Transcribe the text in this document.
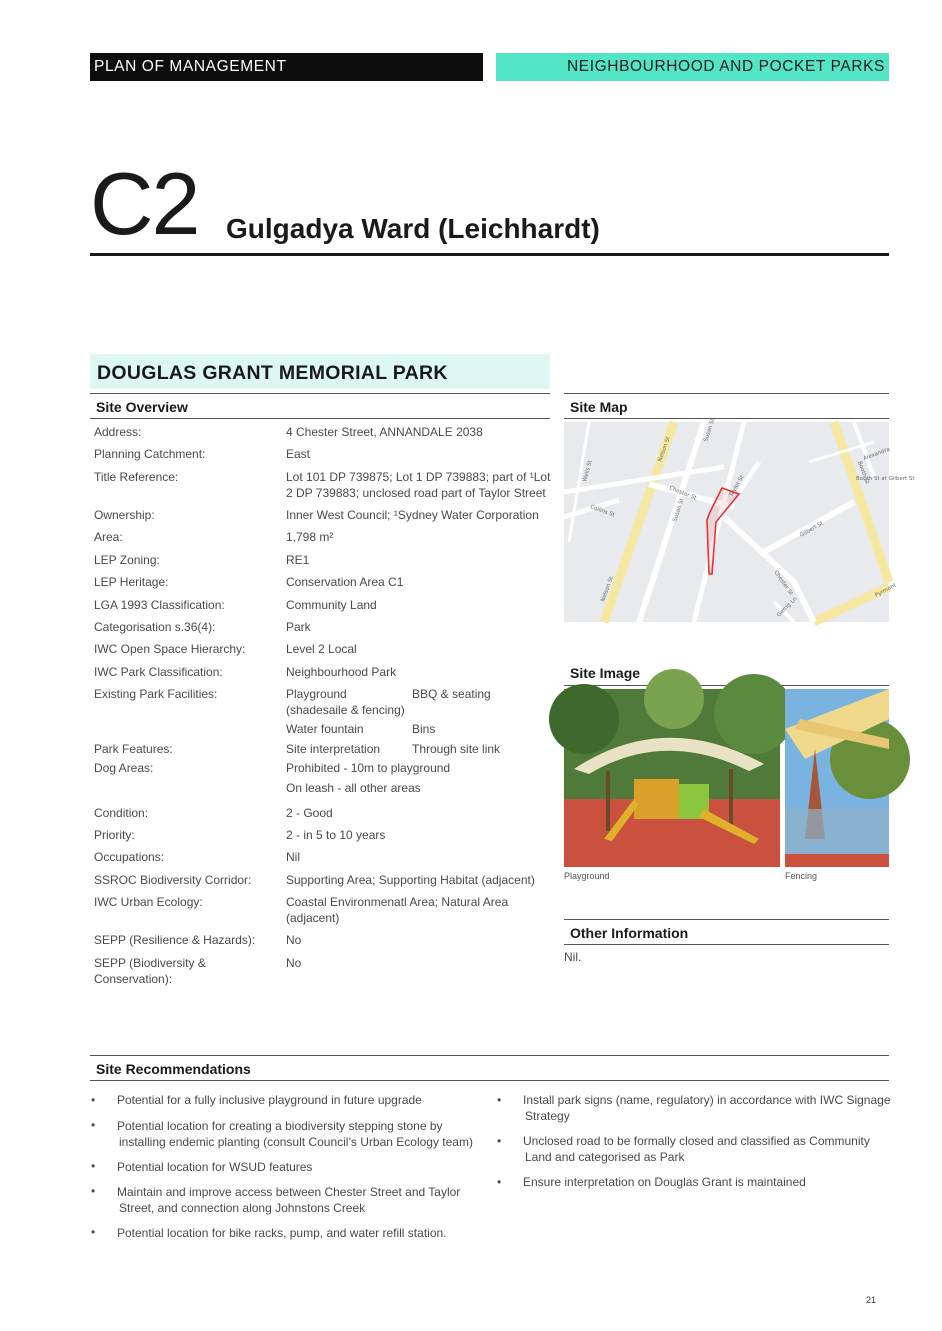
PLAN OF MANAGEMENT	NEIGHBOURHOOD AND POCKET PARKS
C2 Gulgadya Ward (Leichhardt)
DOUGLAS GRANT MEMORIAL PARK
Site Overview
Address:	4 Chester Street, ANNANDALE 2038
Planning Catchment:	East
Title Reference:	Lot 101 DP 739875; Lot 1 DP 739883; part of ¹Lot
2 DP 739883; unclosed road part of Taylor Street
Ownership:	Inner West Council; ¹Sydney Water Corporation
Area:	1,798 m²
LEP Zoning:	RE1
LEP Heritage:	Conservation Area C1
LGA 1993 Classification:	Community Land
Categorisation s.36(4):	Park
IWC Open Space Hierarchy:	Level 2 Local
IWC Park Classification:	Neighbourhood Park
Existing Park Facilities:	Playground	BBQ & seating
(shadesaile & fencing)
Water fountain	Bins
Park Features:	Site interpretation	Through site link
Dog Areas:	Prohibited - 10m to playground
On leash - all other areas
Condition:	2 - Good
Priority:	2 - in 5 to 10 years
Occupations:	Nil
SSROC Biodiversity Corridor:	Supporting Area; Supporting Habitat (adjacent)
IWC Urban Ecology:	Coastal Environmenatl Area; Natural Area
(adjacent)
SEPP (Resilience & Hazards):	No
SEPP (Biodiversity &
Conservation):
No
Site Map
Nelson St
Susan St
Chester St
Collins St
Wells St
Gilbert St
Booth St
Pyrmont
Alexandra
Taylor St
Susan St
Nelson St	Chester St
Gerrig Ln
Booth St at Gilbert St
Site Image
Playground	Fencing
Other Information
Nil.
Site Recommendations
• Potential for a fully inclusive playground in future upgrade
• Potential location for creating a biodiversity stepping stone by
installing endemic planting (consult Council’s Urban Ecology team)
• Potential location for WSUD features
• Maintain and improve access between Chester Street and Taylor
Street, and connection along Johnstons Creek
• Potential location for bike racks, pump, and water refill station.
• Install park signs (name, regulatory) in accordance with IWC Signage
Strategy
• Unclosed road to be formally closed and classified as Community
Land and categorised as Park
• Ensure interpretation on Douglas Grant is maintained
21
